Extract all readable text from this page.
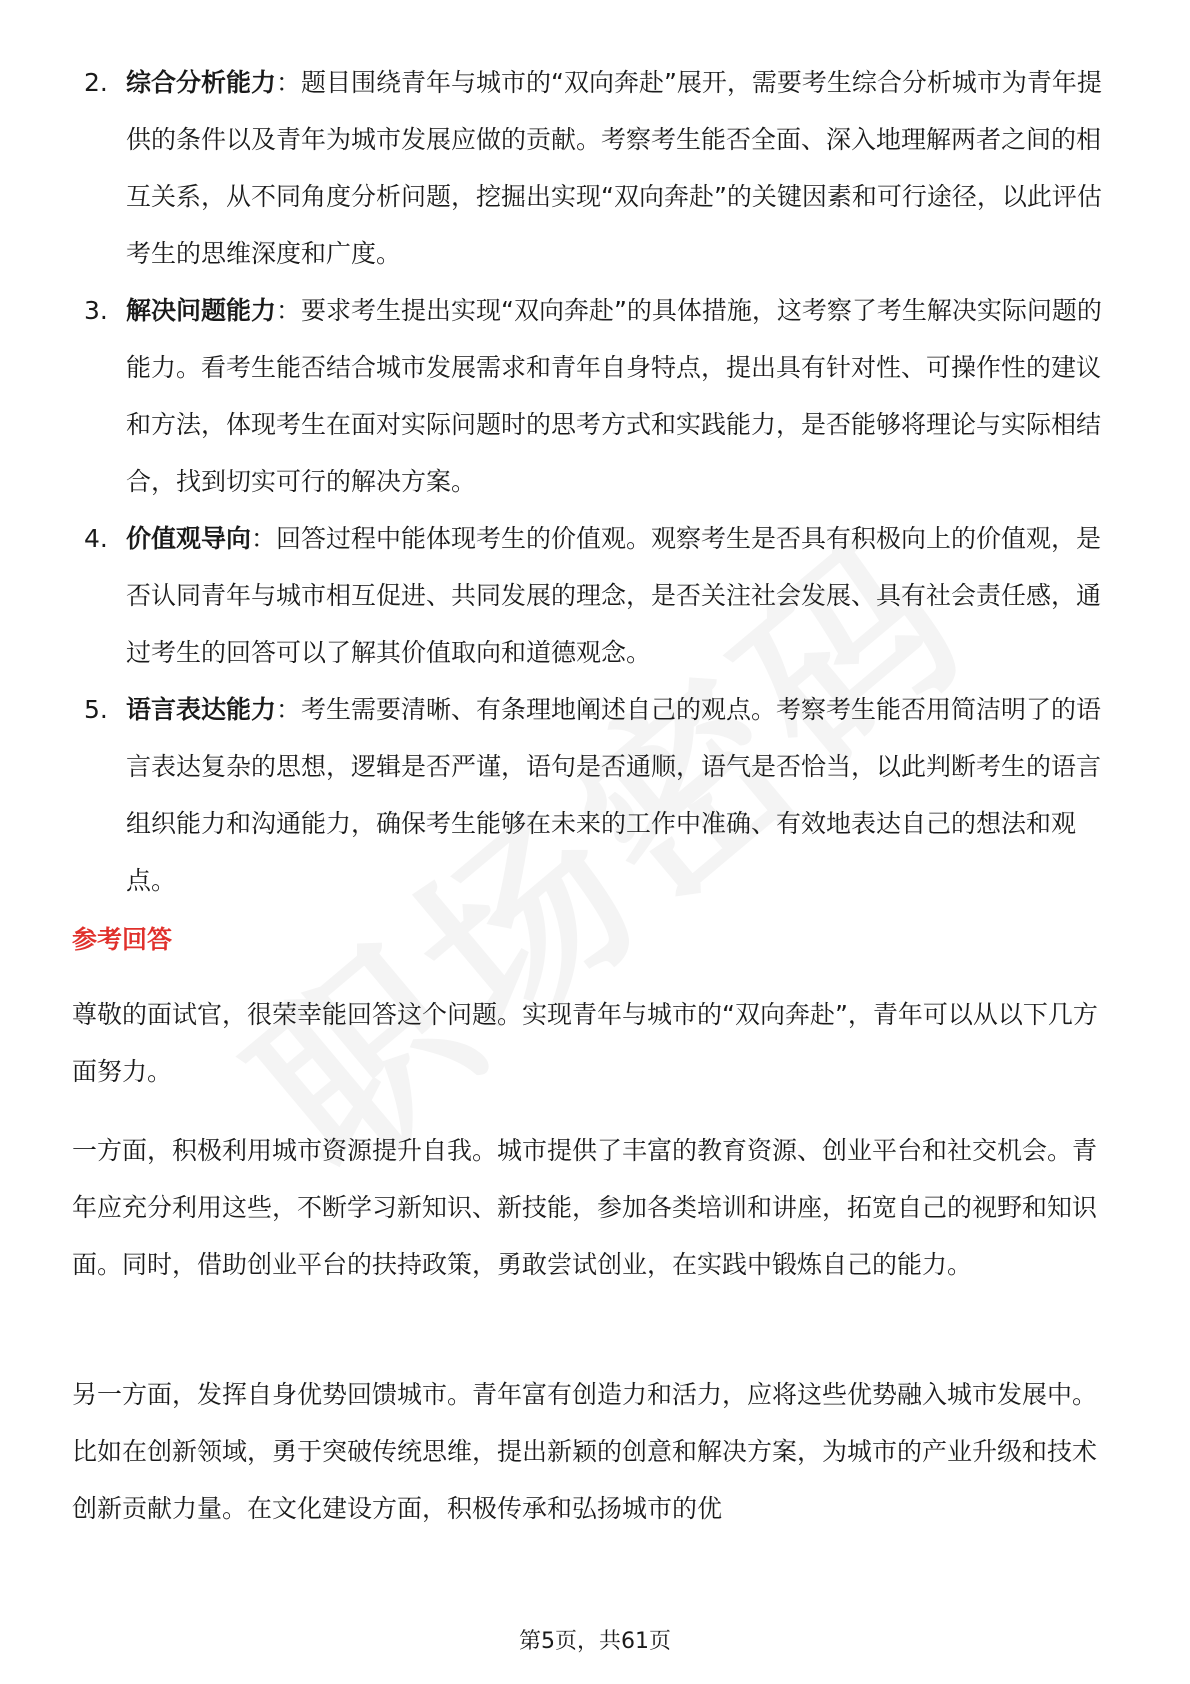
2. 综合分析能力：题目围绕青年与城市的“双向奔赴”展开，需要考生综合分析城市为青年提供的条件以及青年为城市发展应做的贡献。考察考生能否全面、深入地理解两者之间的相互关系，从不同角度分析问题，挖掘出实现“双向奔赴”的关键因素和可行途径，以此评估考生的思维深度和广度。
3. 解决问题能力：要求考生提出实现“双向奔赴”的具体措施，这考察了考生解决实际问题的能力。看考生能否结合城市发展需求和青年自身特点，提出具有针对性、可操作性的建议和方法，体现考生在面对实际问题时的思考方式和实践能力，是否能够将理论与实际相结合，找到切实可行的解决方案。
4. 价值观导向：回答过程中能体现考生的价值观。观察考生是否具有积极向上的价值观，是否认同青年与城市相互促进、共同发展的理念，是否关注社会发展、具有社会责任感，通过考生的回答可以了解其价值取向和道德观念。
5. 语言表达能力：考生需要清晰、有条理地阐述自己的观点。考察考生能否用简洁明了的语言表达复杂的思想，逻辑是否严谨，语句是否通顺，语气是否恰当，以此判断考生的语言组织能力和沟通能力，确保考生能够在未来的工作中准确、有效地表达自己的想法和观点。
参考回答

尊敬的面试官，很荣幸能回答这个问题。实现青年与城市的“双向奔赴”，青年可以从以下几方面努力。

一方面，积极利用城市资源提升自我。城市提供了丰富的教育资源、创业平台和社交机会。青年应充分利用这些，不断学习新知识、新技能，参加各类培训和讲座，拓宽自己的视野和知识面。同时，借助创业平台的扶持政策，勇敢尝试创业，在实践中锻炼自己的能力。

另一方面，发挥自身优势回馈城市。青年富有创造力和活力，应将这些优势融入城市发展中。比如在创新领域，勇于突破传统思维，提出新颖的创意和解决方案，为城市的产业升级和技术创新贡献力量。在文化建设方面，积极传承和弘扬城市的优

第5页，共61页
